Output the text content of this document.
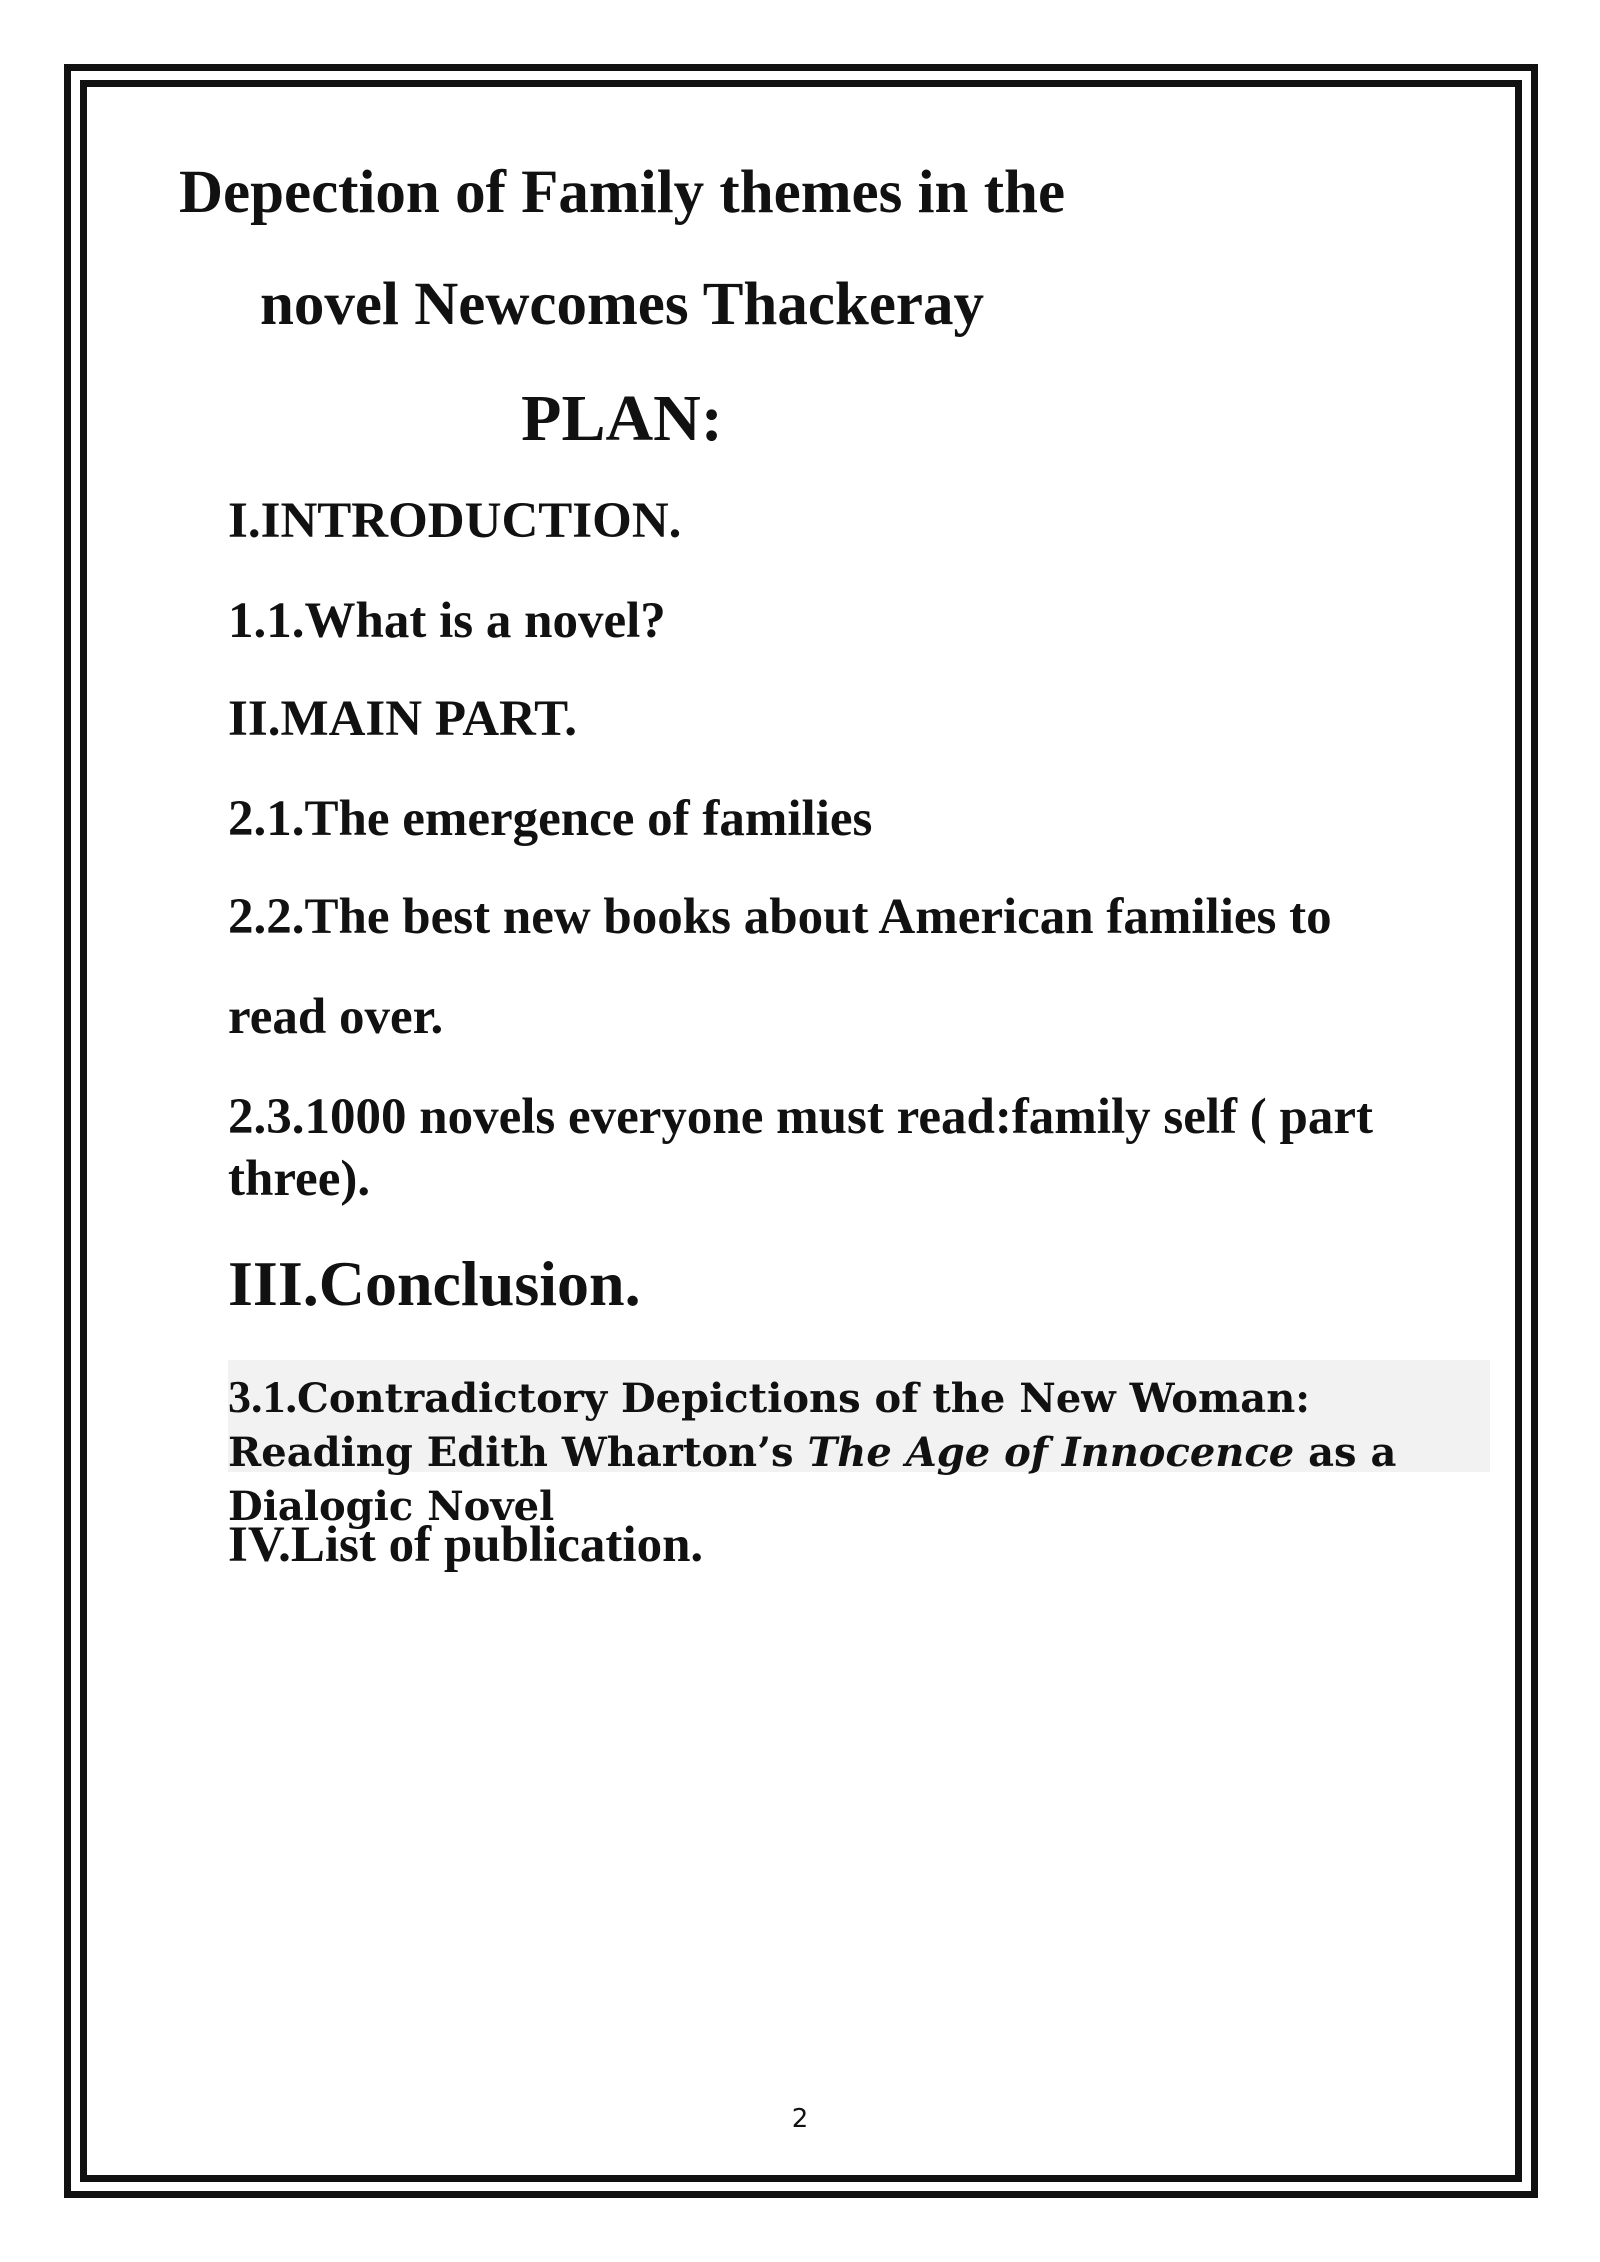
Depection of Family themes in the
novel Newcomes Thackeray
PLAN:

I.INTRODUCTION.

1.1.What is a novel?

II.MAIN PART.

2.1.The emergence of families

2.2.The best new books about American families to

read over.

2.3.1000 novels everyone must read:family self ( part three).

III.Conclusion.

3.1.Contradictory Depictions of the New Woman: Reading Edith Wharton’s The Age of Innocence as a Dialogic Novel

IV.List of publication.

2
